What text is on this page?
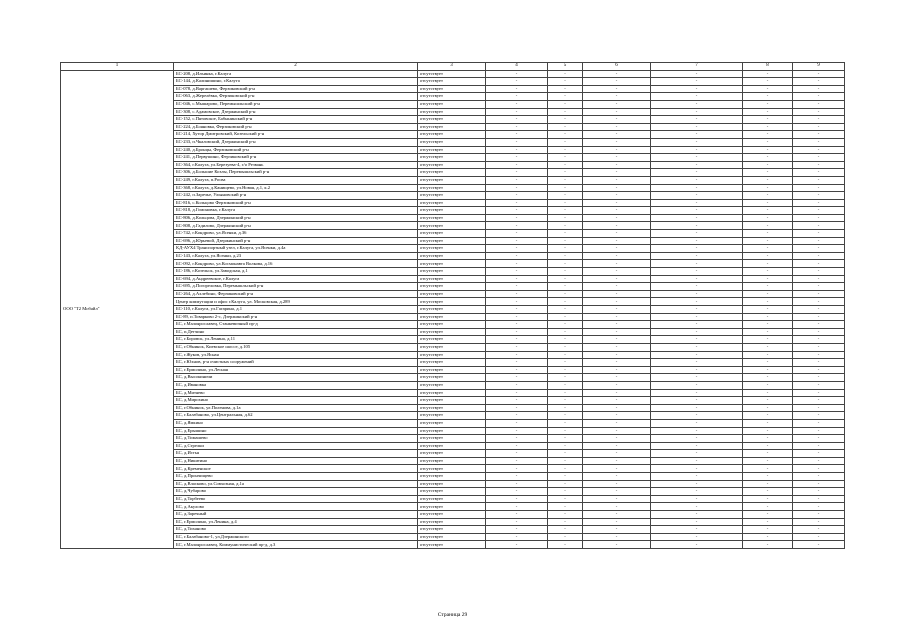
1	2	3	4	5	6	7	8	9
ООО "Т2 Мобайл"	БС-208, д.Ильинка, г.Калуга	отсутствует	-	-	-	-	-	-
	БС-144, д.Калинишино, г.Калуга	отсутствует	-	-	-	-	-	-
	БС-078, д.Варгашево, Ферзиковский р-н	отсутствует	-	-	-	-	-	-
	БС-063, д.Жерелёвка, Ферзиковский р-н	отсутствует	-	-	-	-	-	-
	БС-046, с.Мышарово, Перемышльский р-н	отсутствует	-	-	-	-	-	-
	БС-308, с.Адамовское, Дзержинский р-н	отсутствует	-	-	-	-	-	-
	БС-152, с.Пятовское, Бабынинский р-н	отсутствует	-	-	-	-	-	-
	БС-224, д.Бояновка, Ферзиковский р-н	отсутствует	-	-	-	-	-	-
	БС-214, Хутор Дмитровский, Козельский р-н	отсутствует	-	-	-	-	-	-
	БС-233, п.Чкаловский, Дзержинский р-н	отсутствует	-	-	-	-	-	-
	БС-240, д.Бронцы, Ферзиковский р-н	отсутствует	-	-	-	-	-	-
	БС-241, д.Первушино, Ферзиковский р-н	отсутствует	-	-	-	-	-	-
	БС-364, г.Калуга, ул.Березуева-4, г/о Резвань	отсутствует	-	-	-	-	-	-
	БС-306, д.Большие Козлы, Перемышльский р-н	отсутствует	-	-	-	-	-	-
	БС-249, г.Калуга, п.Росва	отсутствует	-	-	-	-	-	-
	БС-368, г.Калуга, д.Канищево, ул.Новая, д.1, к.2	отсутствует	-	-	-	-	-	-
	БС-242, п.Заречье, Ульяновский р-н	отсутствует	-	-	-	-	-	-
	БС-816, с.Кольцово Ферзиковский р-н	отсутствует	-	-	-	-	-	-
	БС-818, д.Гомоновка, г.Калуга	отсутствует	-	-	-	-	-	-
	БС-806, д.Кольцова, Дзержинский р-н	отсутствует	-	-	-	-	-	-
	БС-808, д.Гадилово, Дзержинский р-н	отсутствует	-	-	-	-	-	-
	БС-742, г.Кондрово, ул.Ясенки, д.36	отсутствует	-	-	-	-	-	-
	БС-696, д.Юрьевой, Дзержинский р-н	отсутствует	-	-	-	-	-	-
	КД-АУХ4 Транспортный узел, г.Калуга, ул.Ясенки, д.4а	отсутствует	-	-	-	-	-	-
	БС-143, г.Калуга, ул.Ясенки, д.23	отсутствует	-	-	-	-	-	-
	БС-092, г.Кондрово, ул.Космонавта Волкова, д.16	отсутствует	-	-	-	-	-	-
	БС-186, г.Козельск, ул.Заводская, д.1	отсутствует	-	-	-	-	-	-
	БС-694, д.Андреевское, г.Калуга	отсутствует	-	-	-	-	-	-
	БС-695, д.Погореловка, Перемышльский р-н	отсутствует	-	-	-	-	-	-
	БС-264, д.Ахлебино, Ферзиковский р-н	отсутствует	-	-	-	-	-	-
	Центр коммутации и офис г.Калуга, ул. Московская, д.289	отсутствует	-	-	-	-	-	-
	БС-110, г.Калуга, ул.Гагарина, д.1	отсутствует	-	-	-	-	-	-
	БС-89, п.Товарково 2-с, Дзержинский р-н	отсутствует	-	-	-	-	-	-
	БС, г.Малоярославец, Станкевичный пр-д	отсутствует	-	-	-	-	-	-
	БС, п.Детчино	отсутствует	-	-	-	-	-	-
	БС, г.Боровск, ул.Ленина, д.11	отсутствует	-	-	-	-	-	-
	БС, г.Обнинск, Киевское шоссе, д.105	отсутствует	-	-	-	-	-	-
	БС, г.Жуков, ул.Ясная	отсутствует	-	-	-	-	-	-
	БС, г.Юхнов, р-н очистных сооружений	отсутствует	-	-	-	-	-	-
	БС, г.Ермолино, ул.Лесная	отсутствует	-	-	-	-	-	-
	БС, д.Высокиничи	отсутствует	-	-	-	-	-	-
	БС, д.Ивановка	отсутствует	-	-	-	-	-	-
	БС, д.Митяево	отсутствует	-	-	-	-	-	-
	БС, д.Мирохино	отсутствует	-	-	-	-	-	-
	БС, г.Обнинск, ул.Поленова, д.1а	отсутствует	-	-	-	-	-	-
	БС, г.Балабаново, ул.Центральная, д.62	отсутствует	-	-	-	-	-	-
	БС, д.Ямкино	отсутствует	-	-	-	-	-	-
	БС, д.Ерышино	отсутствует	-	-	-	-	-	-
	БС, д.Тимашево	отсутствует	-	-	-	-	-	-
	БС, д.Стрелки	отсутствует	-	-	-	-	-	-
	БС, д.Истья	отсутствует	-	-	-	-	-	-
	БС, д.Никитино	отсутствует	-	-	-	-	-	-
	БС, д.Кременское	отсутствует	-	-	-	-	-	-
	БС, д.Прончищево	отсутствует	-	-	-	-	-	-
	БС, д.Власково, ул.Совхозная, д.1а	отсутствует	-	-	-	-	-	-
	БС, д.Чубарово	отсутствует	-	-	-	-	-	-
	БС, д.Торбеево	отсутствует	-	-	-	-	-	-
	БС, д.Акулово	отсутствует	-	-	-	-	-	-
	БС, д.Заречный	отсутствует	-	-	-	-	-	-
	БС, г.Ермолино, ул.Ленина, д.4	отсутствует	-	-	-	-	-	-
	БС, д.Тиханово	отсутствует	-	-	-	-	-	-
	БС, г.Балабаново-1, ул.Дзержинского	отсутствует	-	-	-	-	-	-
	БС, г.Малоярославец, Коммунистический пр-д, д.3	отсутствует	-	-	-	-	-	-
Страница 29
